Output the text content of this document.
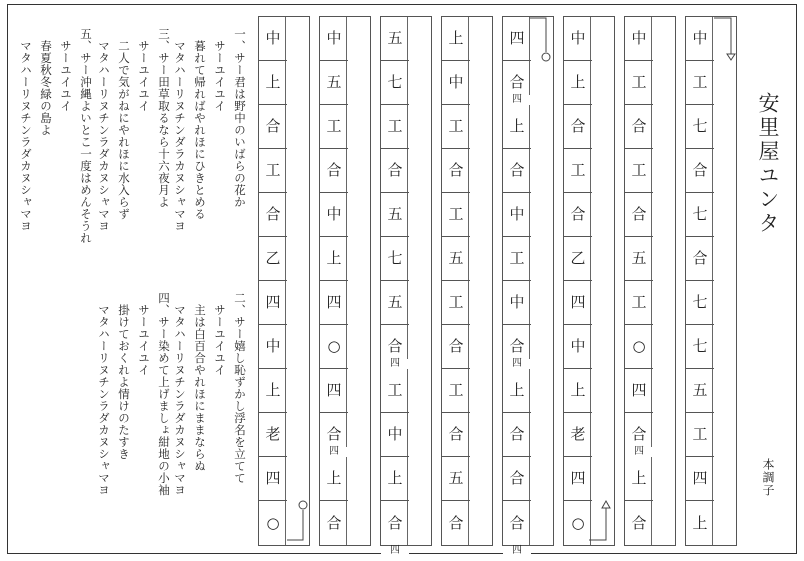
安里屋ユンタ
本調子
中
工
七
合
七
合
七
七
五
工
四
上
中
工
合
工
合
五
工
○
四
合
上
合
四
中
上
合
工
合
乙
四
中
上
老
四
○
四
合
上
合
中
工
中
合
上
合
合
合
四
四
四
上
中
工
合
工
五
工
合
工
合
五
合
五
七
工
合
五
七
五
合
工
中
上
合
四
四
中
五
工
合
中
上
四
○
四
合
上
合
四
中
上
合
工
合
乙
四
中
上
老
四
○
一、サー君は野中のいばらの花か
サーユイユイ
暮れて帰ればやれほにひきとめる
マタハーリヌチンダラカヌシャマヨ
二、サー嬉し恥ずかし浮名を立てて
サーユイユイ
主は白百合やれほにままならぬ
マタハーリヌチンラダカヌシャマヨ
三、サー田草取るなら十六夜月よ
サーユイユイ
二人で気がねにやれほに水入らず
マタハーリヌチンラダカヌシャマヨ
四、サー染めて上げましょ紺地の小袖
サーユイユイ
掛けておくれよ情けのたすき
マタハーリヌチンラダカヌシャマヨ
五、サー沖縄よいとこ一度はめんそうれ
サーユイユイ
春夏秋冬緑の島よ
マタハーリヌチンラダカヌシャマヨ
